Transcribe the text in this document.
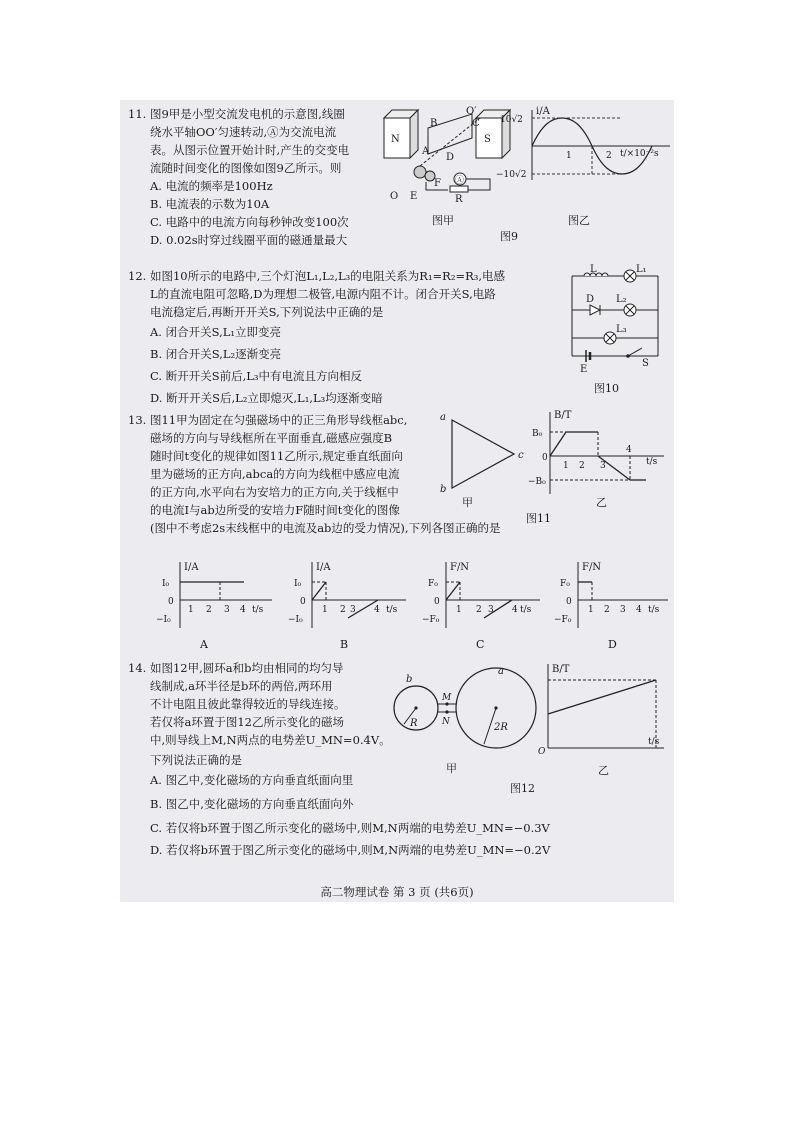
11. 图9甲是小型交流发电机的示意图,线圈
绕水平轴OO′匀速转动,Ⓐ为交流电流
表。从图示位置开始计时,产生的交变电
流随时间变化的图像如图9乙所示。则
A. 电流的频率是100Hz
B. 电流表的示数为10A
C. 电路中的电流方向每秒钟改变100次
D. 0.02s时穿过线圈平面的磁通量最大
N	S
B	C
O′
D
A
F
O E	R
Ⓐ
i/A
10√2
−10√2
1	2 t/×10⁻²s
图甲	图乙
图9
12. 如图10所示的电路中,三个灯泡L₁,L₂,L₃的电阻关系为R₁=R₂=R₃,电感
L的直流电阻可忽略,D为理想二极管,电源内阻不计。闭合开关S,电路
电流稳定后,再断开开关S,下列说法中正确的是
A. 闭合开关S,L₁立即变亮
B. 闭合开关S,L₂逐渐变亮
C. 断开开关S前后,L₃中有电流且方向相反
D. 断开开关S后,L₂立即熄灭,L₁,L₃均逐渐变暗
L	L₁
D L₂
L₃
E
S
图10
13. 图11甲为固定在匀强磁场中的正三角形导线框abc,
磁场的方向与导线框所在平面垂直,磁感应强度B
随时间t变化的规律如图11乙所示,规定垂直纸面向
里为磁场的正方向,abca的方向为线框中感应电流
的正方向,水平向右为安培力的正方向,关于线框中
的电流I与ab边所受的安培力F随时间t变化的图像
(图中不考虑2s末线框中的电流及ab边的受力情况),下列各图正确的是
a
b
c
甲
B/T
B₀
0
−B₀
1 2 3
4
t/s
乙
图11
I/A
I₀
0
−I₀
1 2 3 4 t/s
A
I/A
I₀
0
−I₀
1 2 3 4 t/s
B
F/N
F₀
0
−F₀
1 2 3 4 t/s
C
F/N
F₀
0
−F₀
1 2 3 4 t/s
D
14. 如图12甲,圆环a和b均由相同的均匀导
线制成,a环半径是b环的两倍,两环用
不计电阻且彼此靠得较近的导线连接。
若仅将a环置于图12乙所示变化的磁场
中,则导线上M,N两点的电势差U_MN=0.4V。
下列说法正确的是
A. 图乙中,变化磁场的方向垂直纸面向里
B. 图乙中,变化磁场的方向垂直纸面向外
C. 若仅将b环置于图乙所示变化的磁场中,则M,N两端的电势差U_MN=−0.3V
D. 若仅将b环置于图乙所示变化的磁场中,则M,N两端的电势差U_MN=−0.2V
b
a
M
N
R	2R
甲
B/T
O
t/s
乙
图12
高二物理试卷 第 3 页 (共6页)
